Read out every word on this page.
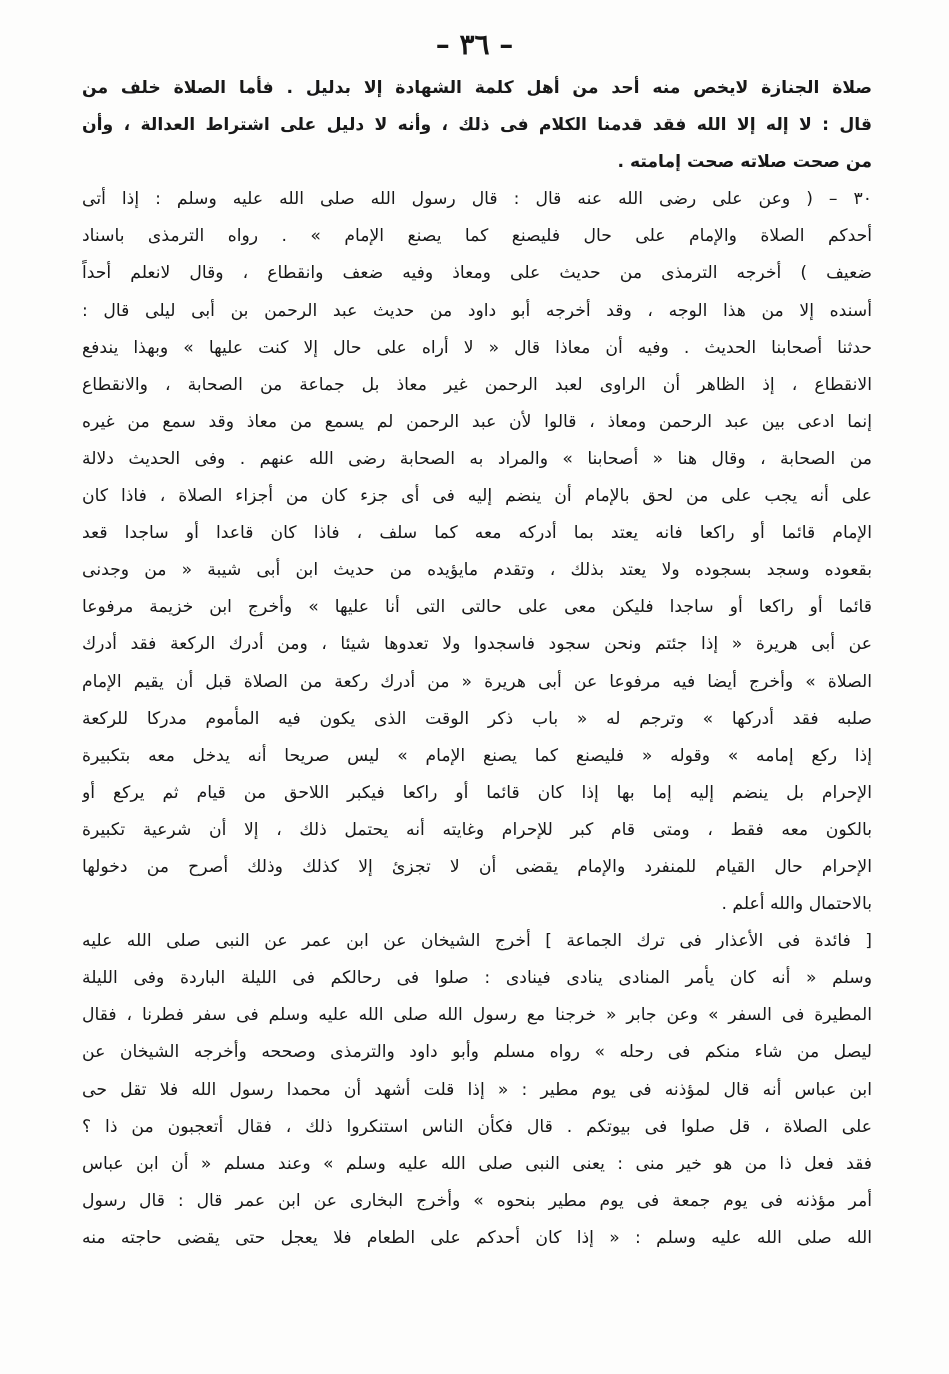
– ٣٦ –
صلاة الجنازة لايخص منه أحد من أهل كلمة الشهادة إلا بدليل . فأما الصلاة خلف من
قال : لا إله إلا الله فقد قدمنا الكلام فى ذلك ، وأنه لا دليل على اشتراط العدالة ، وأن
من صحت صلاته صحت إمامته .
٣٠ – ( وعن على رضى الله عنه قال : قال رسول الله صلى الله عليه وسلم : إذا أتى
أحدكم الصلاة والإمام على حال فليصنع كما يصنع الإمام » . رواه الترمذى باسناد
ضعيف ) أخرجه الترمذى من حديث على ومعاذ وفيه ضعف وانقطاع ، وقال لانعلم أحداً
أسنده إلا من هذا الوجه ، وقد أخرجه أبو داود من حديث عبد الرحمن بن أبى ليلى قال :
حدثنا أصحابنا الحديث . وفيه أن معاذا قال « لا أراه على حال إلا كنت عليها » وبهذا يندفع
الانقطاع ، إذ الظاهر أن الراوى لعبد الرحمن غير معاذ بل جماعة من الصحابة ، والانقطاع
إنما ادعى بين عبد الرحمن ومعاذ ، قالوا لأن عبد الرحمن لم يسمع من معاذ وقد سمع من غيره
من الصحابة ، وقال هنا « أصحابنا » والمراد به الصحابة رضى الله عنهم . وفى الحديث دلالة
على أنه يجب على من لحق بالإمام أن ينضم إليه فى أى جزء كان من أجزاء الصلاة ، فاذا كان
الإمام قائما أو راكعا فانه يعتد بما أدركه معه كما سلف ، فاذا كان قاعدا أو ساجدا قعد
بقعوده وسجد بسجوده ولا يعتد بذلك ، وتقدم مايؤيده من حديث ابن أبى شيبة « من وجدنى
قائما أو راكعا أو ساجدا فليكن معى على حالتى التى أنا عليها » وأخرج ابن خزيمة مرفوعا
عن أبى هريرة « إذا جئتم ونحن سجود فاسجدوا ولا تعدوها شيئا ، ومن أدرك الركعة فقد أدرك
الصلاة » وأخرج أيضا فيه مرفوعا عن أبى هريرة « من أدرك ركعة من الصلاة قبل أن يقيم الإمام
صلبه فقد أدركها » وترجم له « باب ذكر الوقت الذى يكون فيه المأموم مدركا للركعة
إذا ركع إمامه » وقوله « فليصنع كما يصنع الإمام » ليس صريحا أنه يدخل معه بتكبيرة
الإحرام بل ينضم إليه إما بها إذا كان قائما أو راكعا فيكبر اللاحق من قيام ثم يركع أو
بالكون معه فقط ، ومتى قام كبر للإحرام وغايته أنه يحتمل ذلك ، إلا أن شرعية تكبيرة
الإحرام حال القيام للمنفرد والإمام يقضى أن لا تجزئ إلا كذلك وذلك أصرح من دخولها
بالاحتمال والله أعلم .
[ فائدة فى الأعذار فى ترك الجماعة ] أخرج الشيخان عن ابن عمر عن النبى صلى الله عليه
وسلم « أنه كان يأمر المنادى ينادى فينادى : صلوا فى رحالكم فى الليلة الباردة وفى الليلة
المطيرة فى السفر » وعن جابر « خرجنا مع رسول الله صلى الله عليه وسلم فى سفر فطرنا ، فقال
ليصل من شاء منكم فى رحله » رواه مسلم وأبو داود والترمذى وصححه وأخرجه الشيخان عن
ابن عباس أنه قال لمؤذنه فى يوم مطير : « إذا قلت أشهد أن محمدا رسول الله فلا تقل حى
على الصلاة ، قل صلوا فى بيوتكم . قال فكأن الناس استنكروا ذلك ، فقال أتعجبون من ذا ؟
فقد فعل ذا من هو خير منى : يعنى النبى صلى الله عليه وسلم » وعند مسلم « أن ابن عباس
أمر مؤذنه فى يوم جمعة فى يوم مطير بنحوه » وأخرج البخارى عن ابن عمر قال : قال رسول
الله صلى الله عليه وسلم : « إذا كان أحدكم على الطعام فلا يعجل حتى يقضى حاجته منه
